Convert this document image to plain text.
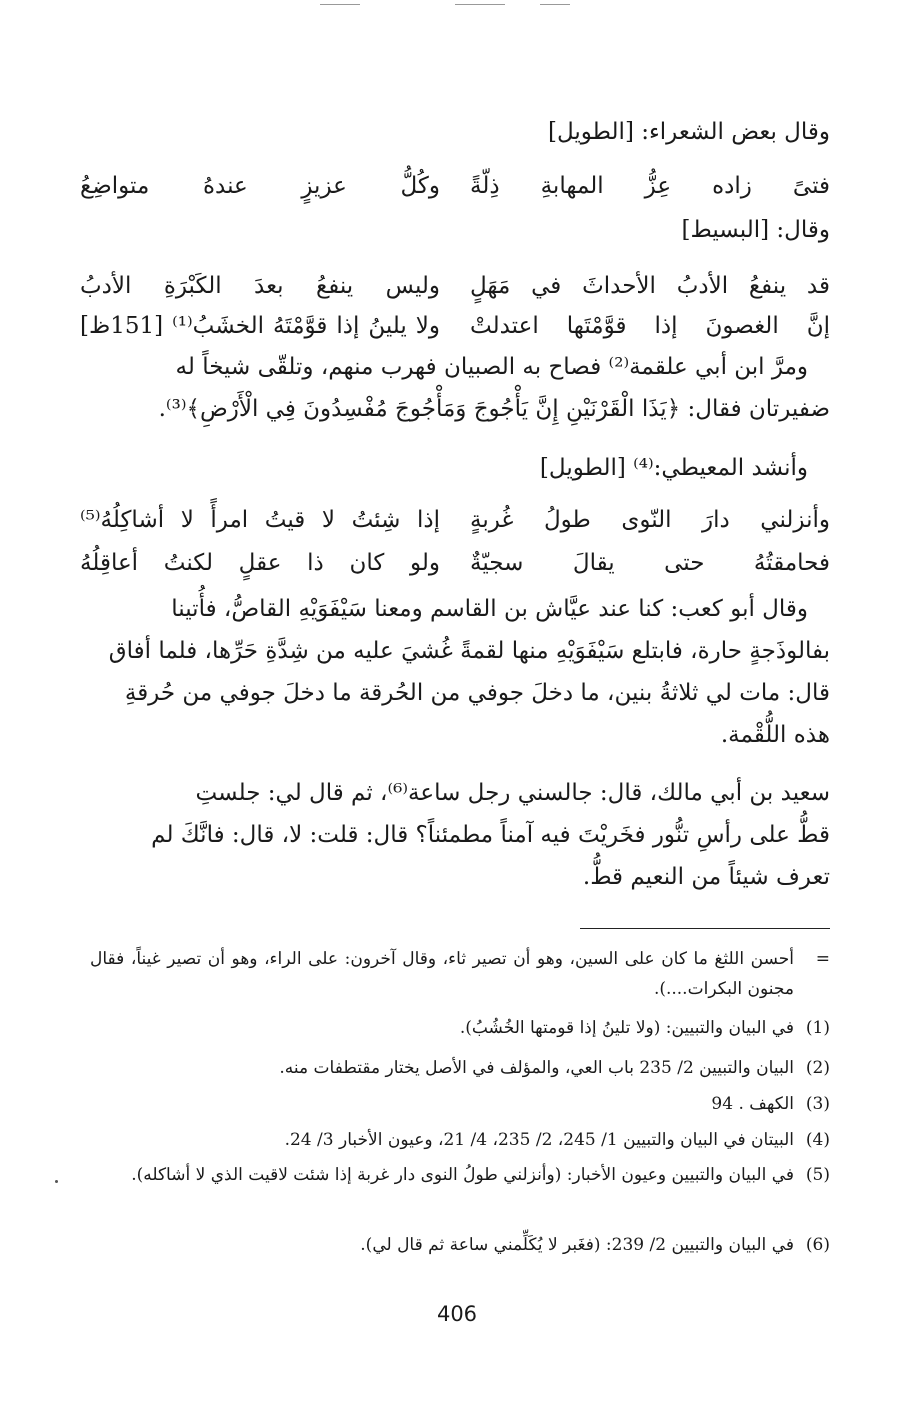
وقال بعض الشعراء: [الطويل]
فتىً زاده عِزُّ المهابةِ ذِلّةً
وكُلُّ عزيزٍ عندهُ متواضِعُ
وقال: [البسيط]
قد ينفعُ الأدبُ الأحداثَ في مَهَلٍ
وليس ينفعُ بعدَ الكَبْرَةِ الأدبُ
إنَّ الغصونَ إذا قوَّمْتَها اعتدلتْ
ولا يلينُ إذا قوَّمْتَهُ الخشَبُ⁽¹⁾ [151ظ]
ومرَّ ابن أبي علقمة⁽²⁾ فصاح به الصبيان فهرب منهم، وتلقّى شيخاً له
ضفيرتان فقال: ﴿يَذَا الْقَرْنَيْنِ إِنَّ يَأْجُوجَ وَمَأْجُوجَ مُفْسِدُونَ فِي الْأَرْضِ﴾⁽³⁾.
وأنشد المعيطي:⁽⁴⁾ [الطويل]
وأنزلني دارَ النّوى طولُ غُربةٍ
إذا شِئتُ لا قيتُ امرأً لا أشاكِلُهُ⁽⁵⁾
فحامقتُهُ حتى يقالَ سجيّةٌ
ولو كان ذا عقلٍ لكنتُ أعاقِلُهُ
وقال أبو كعب: كنا عند عيَّاش بن القاسم ومعنا سَيْفَوَيْهِ القاصُّ، فأُتينا
بفالوذَجةٍ حارة، فابتلع سَيْفَوَيْهِ منها لقمةً غُشيَ عليه من شِدَّةِ حَرِّها، فلما أفاق
قال: مات لي ثلاثةُ بنين، ما دخلَ جوفي من الحُرقة ما دخلَ جوفي من حُرقةِ
هذه اللُّقْمة.
سعيد بن أبي مالك، قال: جالسني رجل ساعة⁽⁶⁾، ثم قال لي: جلستِ
قطُّ على رأسِ تنُّور فخَريْتَ فيه آمناً مطمئناً؟ قال: قلت: لا، قال: فانَّكَ لم
تعرف شيئاً من النعيم قطُّ.
=
أحسن اللثغ ما كان على السين، وهو أن تصير ثاء، وقال آخرون: على الراء، وهو أن تصير غيناً، فقال مجنون البكرات....).
(1)
في البيان والتبيين: (ولا تلينُ إذا قومتها الخُشُبُ).
(2)
البيان والتبيين 2/ 235 باب العي، والمؤلف في الأصل يختار مقتطفات منه.
(3)
الكهف . 94
(4)
البيتان في البيان والتبيين 1/ 245، 2/ 235، 4/ 21، وعيون الأخبار 3/ 24.
(5)
في البيان والتبيين وعيون الأخبار: (وأنزلني طولُ النوى دار غربة إذا شئت لاقيت الذي لا أشاكله).
(6)
في البيان والتبيين 2/ 239: (فغَبر لا يُكَلِّمني ساعة ثم قال لي).
406
